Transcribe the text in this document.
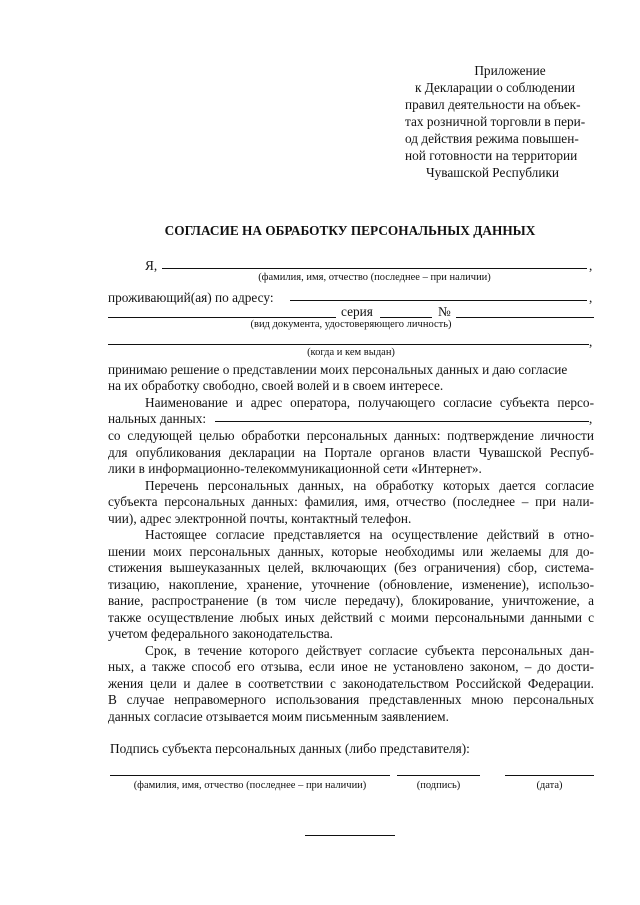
Приложение
к Декларации о соблюдении
правил деятельности на объек-
тах розничной торговли в пери-
од действия режима повышен-
ной готовности на территории
Чувашской Республики
СОГЛАСИЕ НА ОБРАБОТКУ ПЕРСОНАЛЬНЫХ ДАННЫХ
Я,	,
(фамилия, имя, отчество (последнее – при наличии)
проживающий(ая) по адресу:	,
серия	№
(вид документа, удостоверяющего личность)
,
(когда и кем выдан)
принимаю решение о представлении моих персональных данных и даю согласие
на их обработку свободно, своей волей и в своем интересе.
Наименование и адрес оператора, получающего согласие субъекта персо-
нальных данных:	,
со следующей целью обработки персональных данных: подтверждение личности
для опубликования декларации на Портале органов власти Чувашской Респуб-
лики в информационно-телекоммуникационной сети «Интернет».
Перечень персональных данных, на обработку которых дается согласие
субъекта персональных данных: фамилия, имя, отчество (последнее – при нали-
чии), адрес электронной почты, контактный телефон.
Настоящее согласие представляется на осуществление действий в отно-
шении моих персональных данных, которые необходимы или желаемы для до-
стижения вышеуказанных целей, включающих (без ограничения) сбор, система-
тизацию, накопление, хранение, уточнение (обновление, изменение), использо-
вание, распространение (в том числе передачу), блокирование, уничтожение, а
также осуществление любых иных действий с моими персональными данными с
учетом федерального законодательства.
Срок, в течение которого действует согласие субъекта персональных дан-
ных, а также способ его отзыва, если иное не установлено законом, – до дости-
жения цели и далее в соответствии с законодательством Российской Федерации.
В случае неправомерного использования представленных мною персональных
данных согласие отзывается моим письменным заявлением.
Подпись субъекта персональных данных (либо представителя):
(фамилия, имя, отчество (последнее – при наличии)	(подпись)	(дата)
